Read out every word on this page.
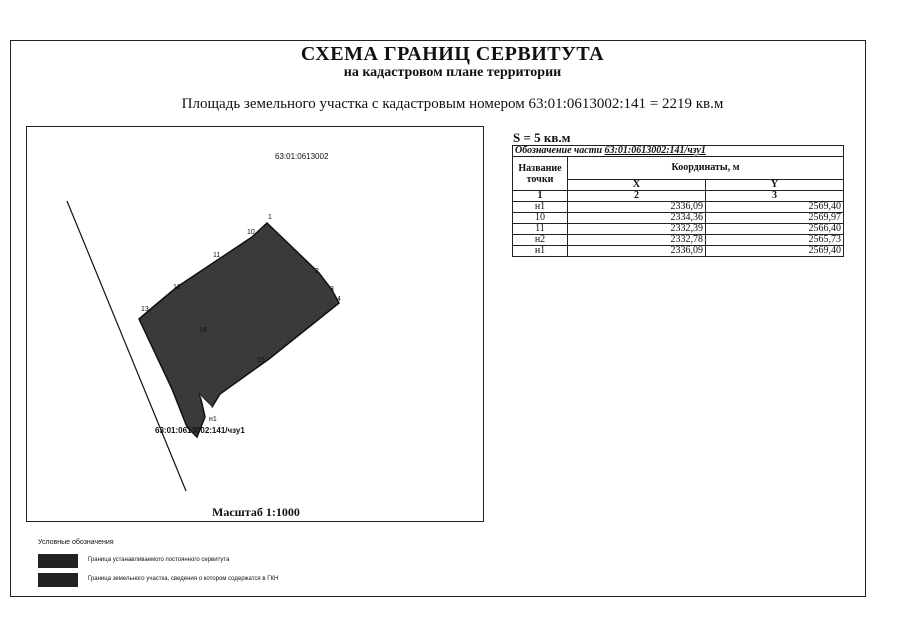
СХЕМА ГРАНИЦ СЕРВИТУТА
на кадастровом плане территории
Площадь земельного участка с кадастровым номером 63:01:0613002:141 = 2219 кв.м
63:01:0613002
1
2
3
4
10
11
12
13
14
15
н1
63:01:0613002:141/чзу1
Масштаб 1:1000
S = 5 кв.м
Обозначение части 63:01:0613002:141/чзу1		
Название точки	Координаты, м	
	X	Y
1	2	3
н1	2336,09	2569,40
10	2334,36	2569,97
11	2332,39	2566,40
н2	2332,78	2565,73
н1	2336,09	2569,40
Условные обозначения
Граница устанавливаемого постоянного сервитута
Граница земельного участка, сведения о котором содержатся в ГКН
